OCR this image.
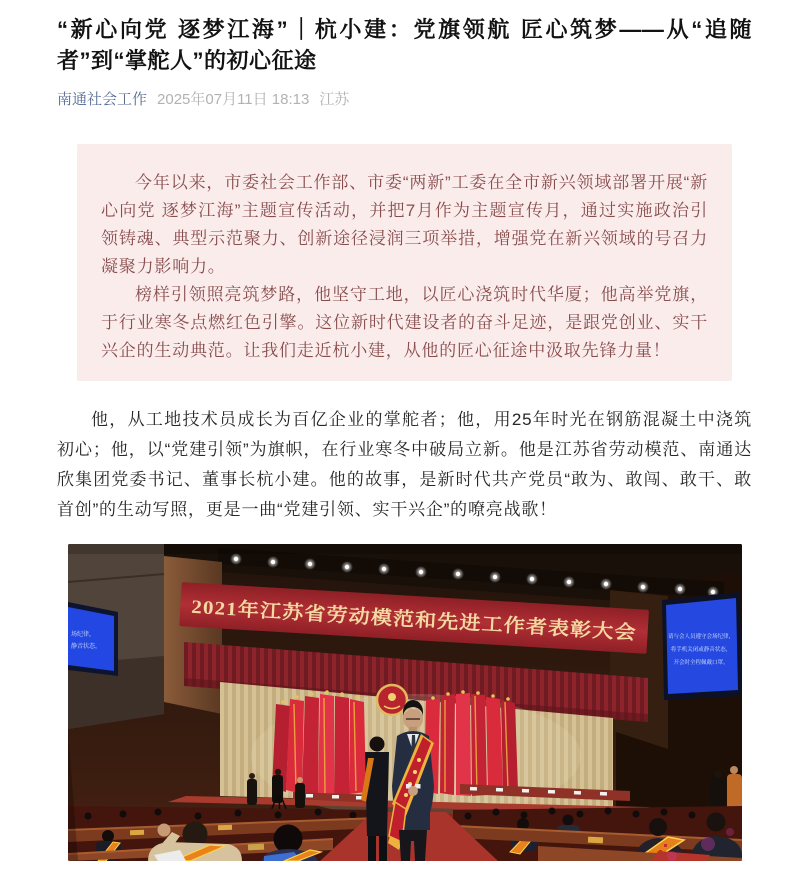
“新心向党 逐梦江海”｜杭小建：党旗领航 匠心筑梦——从“追随者”到“掌舵人”的初心征途
南通社会工作 2025年07月11日 18:13 江苏

今年以来，市委社会工作部、市委“两新”工委在全市新兴领域部署开展“新心向党 逐梦江海”主题宣传活动，并把7月作为主题宣传月，通过实施政治引领铸魂、典型示范聚力、创新途径浸润三项举措，增强党在新兴领域的号召力凝聚力影响力。

榜样引领照亮筑梦路，他坚守工地，以匠心浇筑时代华厦；他高举党旗，于行业寒冬点燃红色引擎。这位新时代建设者的奋斗足迹，是跟党创业、实干兴企的生动典范。让我们走近杭小建，从他的匠心征途中汲取先锋力量！

他，从工地技术员成长为百亿企业的掌舵者；他，用25年时光在钢筋混凝土中浇筑初心；他，以“党建引领”为旗帜，在行业寒冬中破局立新。他是江苏省劳动模范、南通达欣集团党委书记、董事长杭小建。他的故事，是新时代共产党员“敢为、敢闯、敢干、敢首创”的生动写照，更是一曲“党建引领、实干兴企”的嘹亮战歌！

2021年江苏省劳动模范和先进工作者表彰大会
场纪律，
静音状态，
请与会人员遵守会场纪律，
将手机关闭或静音状态，
开会时全程佩戴口罩。
